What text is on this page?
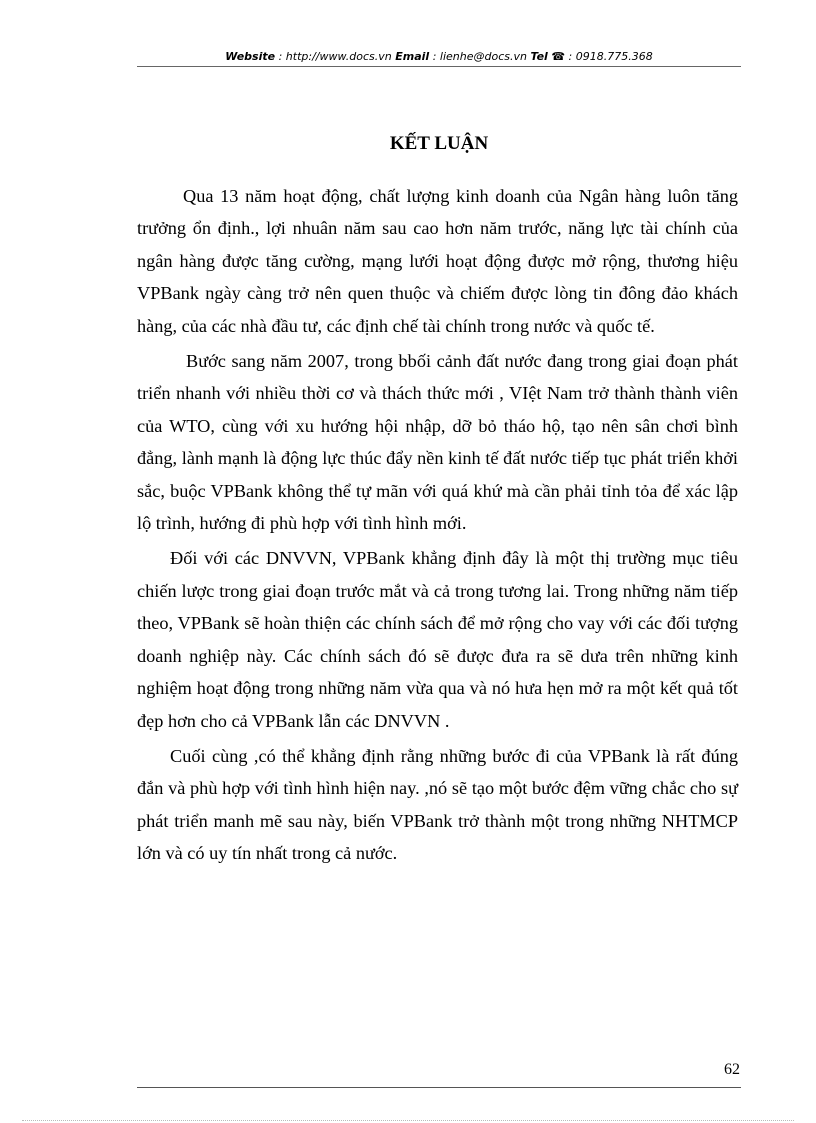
Website : http://www.docs.vn Email : lienhe@docs.vn Tel ☎ : 0918.775.368
KẾT LUẬN

Qua 13 năm hoạt động, chất lượng kinh doanh của Ngân hàng luôn tăng trưởng ổn định., lợi nhuân năm sau cao hơn năm trước, năng lực tài chính của ngân hàng được tăng cường, mạng lưới hoạt động được mở rộng, thương hiệu VPBank ngày càng trở nên quen thuộc và chiếm được lòng tin đông đảo khách hàng, của các nhà đầu tư, các định chế tài chính trong nước và quốc tế.

Bước sang năm 2007, trong bbối cảnh đất nước đang trong giai đoạn phát triển nhanh với nhiều thời cơ và thách thức mới , VIệt Nam trở thành thành viên của WTO, cùng với xu hướng hội nhập, dỡ bỏ tháo hộ, tạo nên sân chơi bình đẳng, lành mạnh là động lực thúc đẩy nền kinh tế đất nước tiếp tục phát triển khởi sắc, buộc VPBank không thể tự mãn với quá khứ mà cần phải tỉnh tỏa để xác lập lộ trình, hướng đi phù hợp với tình hình mới.

Đối với các DNVVN, VPBank khẳng định đây là một thị trường mục tiêu chiến lược trong giai đoạn trước mắt và cả trong tương lai. Trong những năm tiếp theo, VPBank sẽ hoàn thiện các chính sách để mở rộng cho vay với các đối tượng doanh nghiệp này. Các chính sách đó sẽ được đưa ra sẽ dưa trên những kinh nghiệm hoạt động trong những năm vừa qua và nó hưa hẹn mở ra một kết quả tốt đẹp hơn cho cả VPBank lẫn các DNVVN .

Cuối cùng ,có thể khẳng định rằng những bước đi của VPBank là rất đúng đắn và phù hợp với tình hình hiện nay. ,nó sẽ tạo một bước đệm vững chắc cho sự phát triển manh mẽ sau này, biến VPBank trở thành một trong những NHTMCP lớn và có uy tín nhất trong cả nước.

62
